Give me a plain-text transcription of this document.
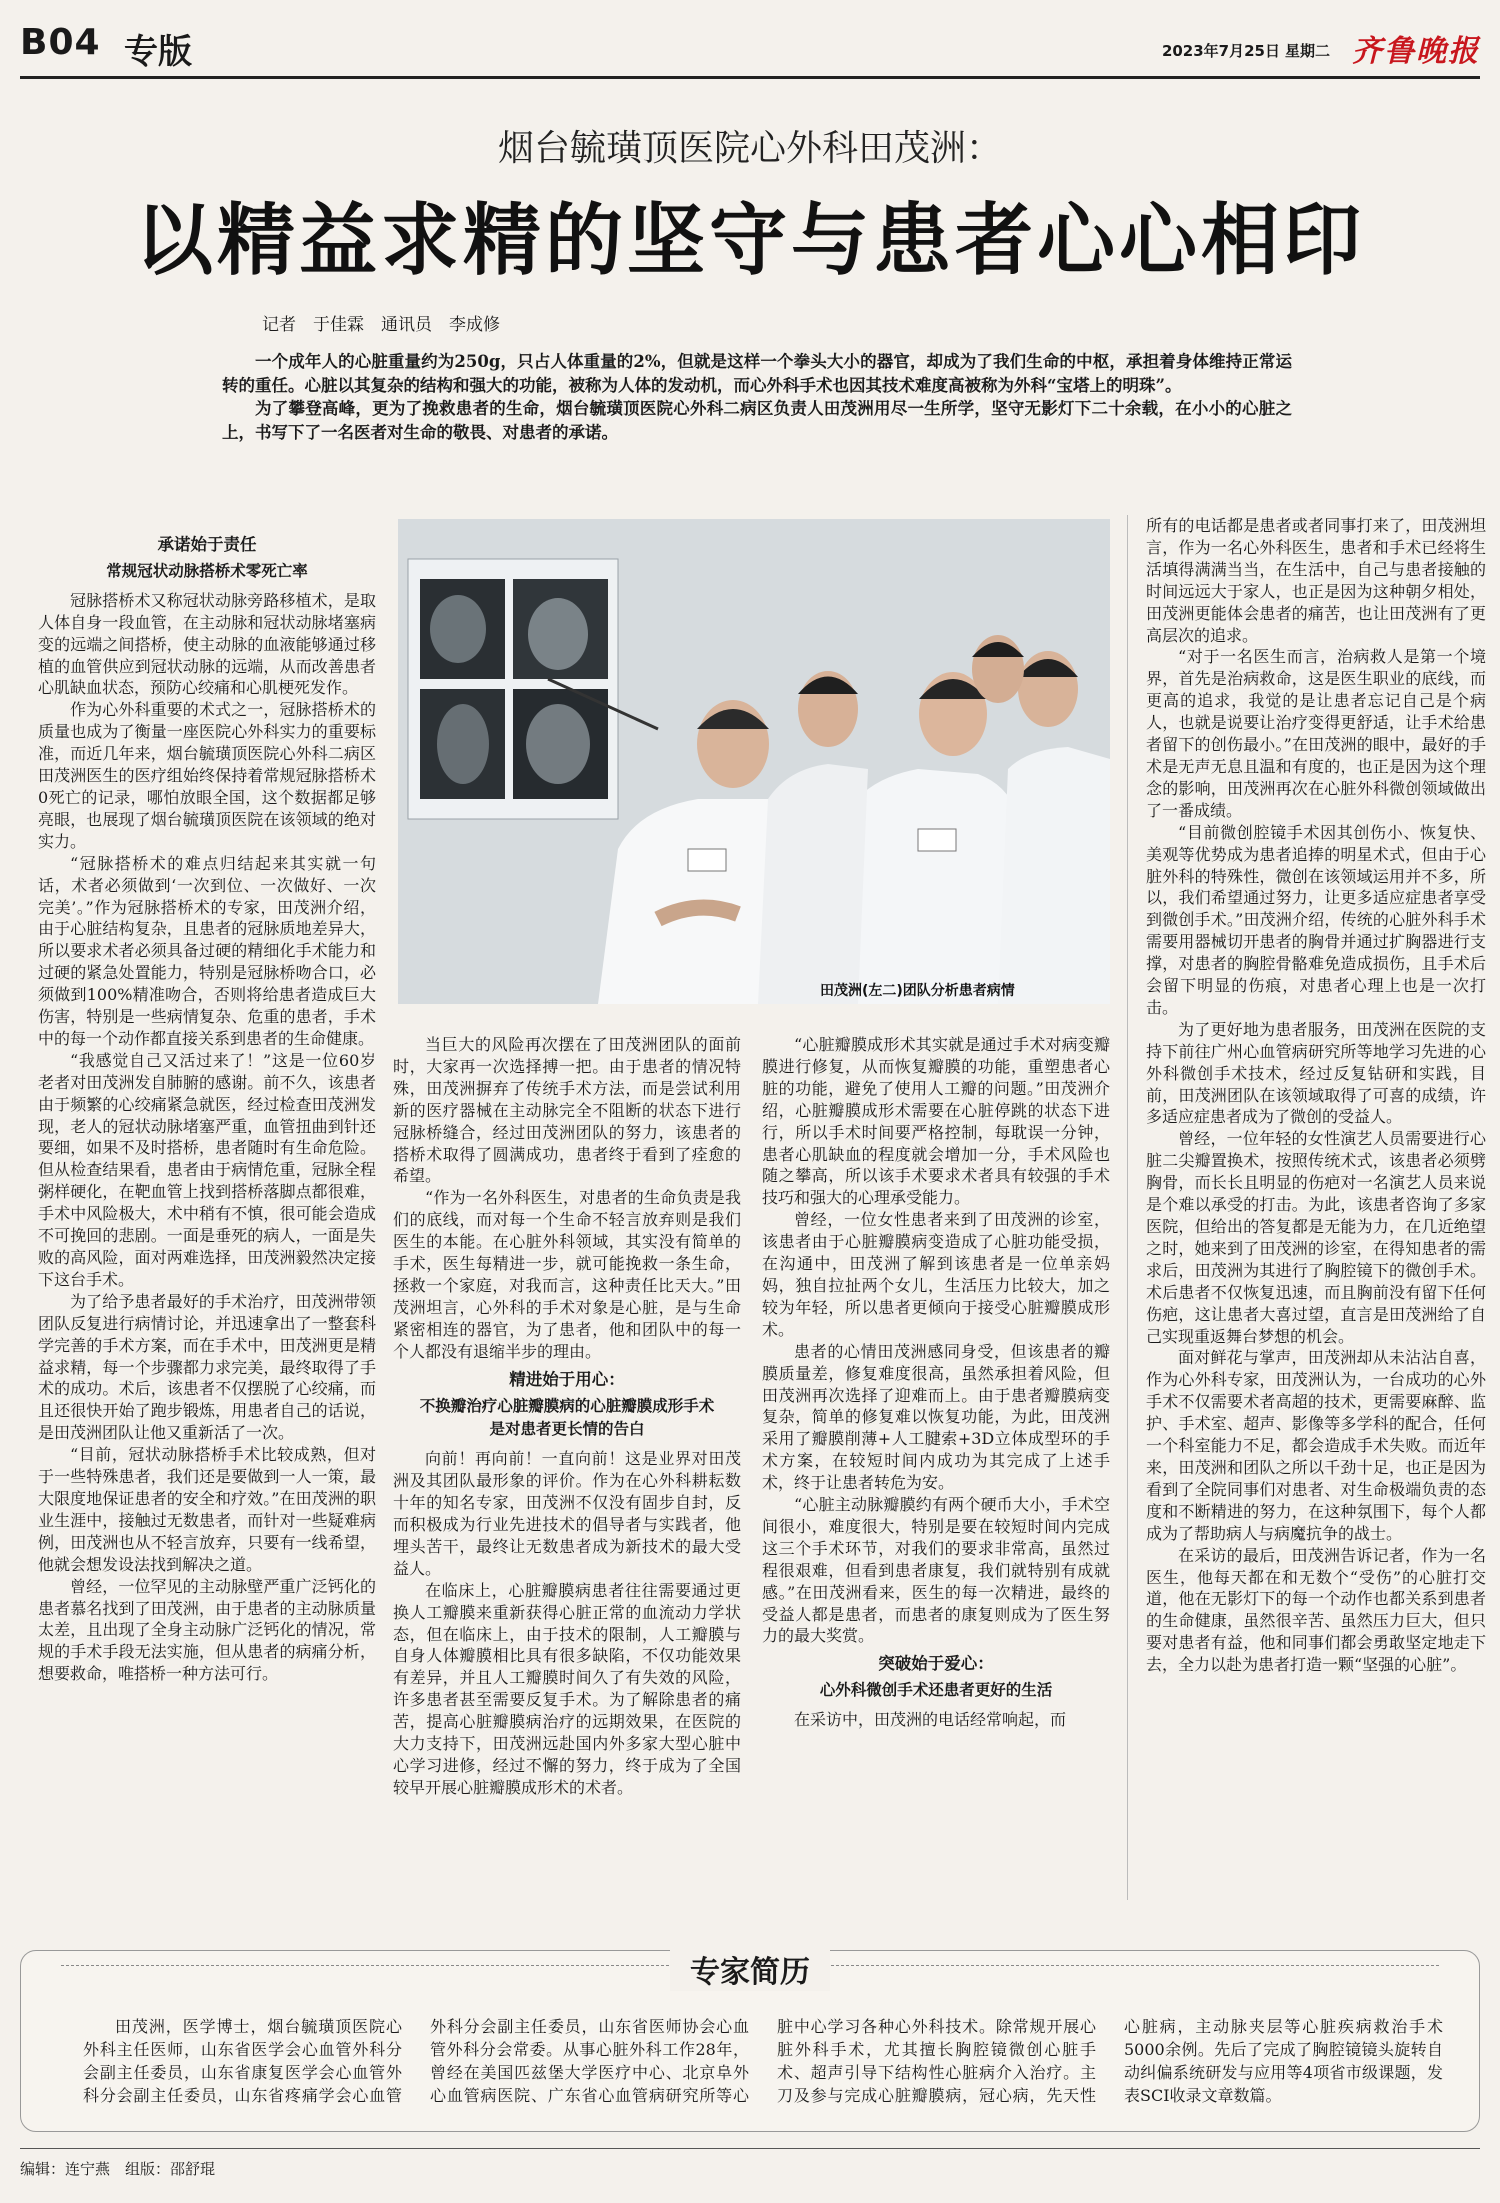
B04 专版	2023年7月25日 星期二 齐鲁晚报
烟台毓璜顶医院心外科田茂洲：
以精益求精的坚守与患者心心相印
记者　于佳霖　通讯员　李成修

一个成年人的心脏重量约为250g，只占人体重量的2%，但就是这样一个拳头大小的器官，却成为了我们生命的中枢，承担着身体维持正常运转的重任。心脏以其复杂的结构和强大的功能，被称为人体的发动机，而心外科手术也因其技术难度高被称为外科“宝塔上的明珠”。

为了攀登高峰，更为了挽救患者的生命，烟台毓璜顶医院心外科二病区负责人田茂洲用尽一生所学，坚守无影灯下二十余载，在小小的心脏之上，书写下了一名医者对生命的敬畏、对患者的承诺。

承诺始于责任
常规冠状动脉搭桥术零死亡率

冠脉搭桥术又称冠状动脉旁路移植术，是取人体自身一段血管，在主动脉和冠状动脉堵塞病变的远端之间搭桥，使主动脉的血液能够通过移植的血管供应到冠状动脉的远端，从而改善患者心肌缺血状态，预防心绞痛和心肌梗死发作。

作为心外科重要的术式之一，冠脉搭桥术的质量也成为了衡量一座医院心外科实力的重要标准，而近几年来，烟台毓璜顶医院心外科二病区田茂洲医生的医疗组始终保持着常规冠脉搭桥术0死亡的记录，哪怕放眼全国，这个数据都足够亮眼，也展现了烟台毓璜顶医院在该领域的绝对实力。

“冠脉搭桥术的难点归结起来其实就一句话，术者必须做到‘一次到位、一次做好、一次完美’。”作为冠脉搭桥术的专家，田茂洲介绍，由于心脏结构复杂，且患者的冠脉质地差异大，所以要求术者必须具备过硬的精细化手术能力和过硬的紧急处置能力，特别是冠脉桥吻合口，必须做到100%精准吻合，否则将给患者造成巨大伤害，特别是一些病情复杂、危重的患者，手术中的每一个动作都直接关系到患者的生命健康。

“我感觉自己又活过来了！”这是一位60岁老者对田茂洲发自肺腑的感谢。前不久，该患者由于频繁的心绞痛紧急就医，经过检查田茂洲发现，老人的冠状动脉堵塞严重，血管扭曲到针还要细，如果不及时搭桥，患者随时有生命危险。但从检查结果看，患者由于病情危重，冠脉全程粥样硬化，在靶血管上找到搭桥落脚点都很难，手术中风险极大，术中稍有不慎，很可能会造成不可挽回的悲剧。一面是垂死的病人，一面是失败的高风险，面对两难选择，田茂洲毅然决定接下这台手术。

为了给予患者最好的手术治疗，田茂洲带领团队反复进行病情讨论，并迅速拿出了一整套科学完善的手术方案，而在手术中，田茂洲更是精益求精，每一个步骤都力求完美，最终取得了手术的成功。术后，该患者不仅摆脱了心绞痛，而且还很快开始了跑步锻炼，用患者自己的话说，是田茂洲团队让他又重新活了一次。

“目前，冠状动脉搭桥手术比较成熟，但对于一些特殊患者，我们还是要做到一人一策，最大限度地保证患者的安全和疗效。”在田茂洲的职业生涯中，接触过无数患者，而针对一些疑难病例，田茂洲也从不轻言放弃，只要有一线希望，他就会想发设法找到解决之道。

曾经，一位罕见的主动脉壁严重广泛钙化的患者慕名找到了田茂洲，由于患者的主动脉质量太差，且出现了全身主动脉广泛钙化的情况，常规的手术手段无法实施，但从患者的病痛分析，想要救命，唯搭桥一种方法可行。

田茂洲(左二)团队分析患者病情

当巨大的风险再次摆在了田茂洲团队的面前时，大家再一次选择搏一把。由于患者的情况特殊，田茂洲摒弃了传统手术方法，而是尝试利用新的医疗器械在主动脉完全不阻断的状态下进行冠脉桥缝合，经过田茂洲团队的努力，该患者的搭桥术取得了圆满成功，患者终于看到了痊愈的希望。

“作为一名外科医生，对患者的生命负责是我们的底线，而对每一个生命不轻言放弃则是我们医生的本能。在心脏外科领域，其实没有简单的手术，医生每精进一步，就可能挽救一条生命，拯救一个家庭，对我而言，这种责任比天大。”田茂洲坦言，心外科的手术对象是心脏，是与生命紧密相连的器官，为了患者，他和团队中的每一个人都没有退缩半步的理由。

精进始于用心：
不换瓣治疗心脏瓣膜病的心脏瓣膜成形手术
是对患者更长情的告白

向前！再向前！一直向前！这是业界对田茂洲及其团队最形象的评价。作为在心外科耕耘数十年的知名专家，田茂洲不仅没有固步自封，反而积极成为行业先进技术的倡导者与实践者，他埋头苦干，最终让无数患者成为新技术的最大受益人。

在临床上，心脏瓣膜病患者往往需要通过更换人工瓣膜来重新获得心脏正常的血流动力学状态，但在临床上，由于技术的限制，人工瓣膜与自身人体瓣膜相比具有很多缺陷，不仅功能效果有差异，并且人工瓣膜时间久了有失效的风险，许多患者甚至需要反复手术。为了解除患者的痛苦，提高心脏瓣膜病治疗的远期效果，在医院的大力支持下，田茂洲远赴国内外多家大型心脏中心学习进修，经过不懈的努力，终于成为了全国较早开展心脏瓣膜成形术的术者。

“心脏瓣膜成形术其实就是通过手术对病变瓣膜进行修复，从而恢复瓣膜的功能，重塑患者心脏的功能，避免了使用人工瓣的问题。”田茂洲介绍，心脏瓣膜成形术需要在心脏停跳的状态下进行，所以手术时间要严格控制，每耽误一分钟，患者心肌缺血的程度就会增加一分，手术风险也随之攀高，所以该手术要求术者具有较强的手术技巧和强大的心理承受能力。

曾经，一位女性患者来到了田茂洲的诊室，该患者由于心脏瓣膜病变造成了心脏功能受损，在沟通中，田茂洲了解到该患者是一位单亲妈妈，独自拉扯两个女儿，生活压力比较大，加之较为年轻，所以患者更倾向于接受心脏瓣膜成形术。

患者的心情田茂洲感同身受，但该患者的瓣膜质量差，修复难度很高，虽然承担着风险，但田茂洲再次选择了迎难而上。由于患者瓣膜病变复杂，简单的修复难以恢复功能，为此，田茂洲采用了瓣膜削薄+人工腱索+3D立体成型环的手术方案，在较短时间内成功为其完成了上述手术，终于让患者转危为安。

“心脏主动脉瓣膜约有两个硬币大小，手术空间很小，难度很大，特别是要在较短时间内完成这三个手术环节，对我们的要求非常高，虽然过程很艰难，但看到患者康复，我们就特别有成就感。”在田茂洲看来，医生的每一次精进，最终的受益人都是患者，而患者的康复则成为了医生努力的最大奖赏。

突破始于爱心：
心外科微创手术还患者更好的生活

在采访中，田茂洲的电话经常响起，而

所有的电话都是患者或者同事打来了，田茂洲坦言，作为一名心外科医生，患者和手术已经将生活填得满满当当，在生活中，自己与患者接触的时间远远大于家人，也正是因为这种朝夕相处，田茂洲更能体会患者的痛苦，也让田茂洲有了更高层次的追求。

“对于一名医生而言，治病救人是第一个境界，首先是治病救命，这是医生职业的底线，而更高的追求，我觉的是让患者忘记自己是个病人，也就是说要让治疗变得更舒适，让手术给患者留下的创伤最小。”在田茂洲的眼中，最好的手术是无声无息且温和有度的，也正是因为这个理念的影响，田茂洲再次在心脏外科微创领域做出了一番成绩。

“目前微创腔镜手术因其创伤小、恢复快、美观等优势成为患者追捧的明星术式，但由于心脏外科的特殊性，微创在该领域运用并不多，所以，我们希望通过努力，让更多适应症患者享受到微创手术。”田茂洲介绍，传统的心脏外科手术需要用器械切开患者的胸骨并通过扩胸器进行支撑，对患者的胸腔骨骼难免造成损伤，且手术后会留下明显的伤痕，对患者心理上也是一次打击。

为了更好地为患者服务，田茂洲在医院的支持下前往广州心血管病研究所等地学习先进的心外科微创手术技术，经过反复钻研和实践，目前，田茂洲团队在该领域取得了可喜的成绩，许多适应症患者成为了微创的受益人。

曾经，一位年轻的女性演艺人员需要进行心脏二尖瓣置换术，按照传统术式，该患者必须劈胸骨，而长长且明显的伤疤对一名演艺人员来说是个难以承受的打击。为此，该患者咨询了多家医院，但给出的答复都是无能为力，在几近绝望之时，她来到了田茂洲的诊室，在得知患者的需求后，田茂洲为其进行了胸腔镜下的微创手术。术后患者不仅恢复迅速，而且胸前没有留下任何伤疤，这让患者大喜过望，直言是田茂洲给了自己实现重返舞台梦想的机会。

面对鲜花与掌声，田茂洲却从未沾沾自喜，作为心外科专家，田茂洲认为，一台成功的心外手术不仅需要术者高超的技术，更需要麻醉、监护、手术室、超声、影像等多学科的配合，任何一个科室能力不足，都会造成手术失败。而近年来，田茂洲和团队之所以千劲十足，也正是因为看到了全院同事们对患者、对生命极端负责的态度和不断精进的努力，在这种氛围下，每个人都成为了帮助病人与病魔抗争的战士。

在采访的最后，田茂洲告诉记者，作为一名医生，他每天都在和无数个“受伤”的心脏打交道，他在无影灯下的每一个动作也都关系到患者的生命健康，虽然很辛苦、虽然压力巨大，但只要对患者有益，他和同事们都会勇敢坚定地走下去，全力以赴为患者打造一颗“坚强的心脏”。

专家简历

田茂洲，医学博士，烟台毓璜顶医院心外科主任医师，山东省医学会心血管外科分会副主任委员，山东省康复医学会心血管外科分会副主任委员，山东省疼痛学会心血管外科分会副主任委员，山东省医师协会心血管外科分会常委。从事心脏外科工作28年，曾经在美国匹兹堡大学医疗中心、北京阜外心血管病医院、广东省心血管病研究所等心脏中心学习各种心外科技术。除常规开展心脏外科手术，尤其擅长胸腔镜微创心脏手术、超声引导下结构性心脏病介入治疗。主刀及参与完成心脏瓣膜病，冠心病，先天性心脏病，主动脉夹层等心脏疾病救治手术5000余例。先后了完成了胸腔镜镜头旋转自动纠偏系统研发与应用等4项省市级课题，发表SCI收录文章数篇。

编辑：连宁燕　组版：邵舒琨
